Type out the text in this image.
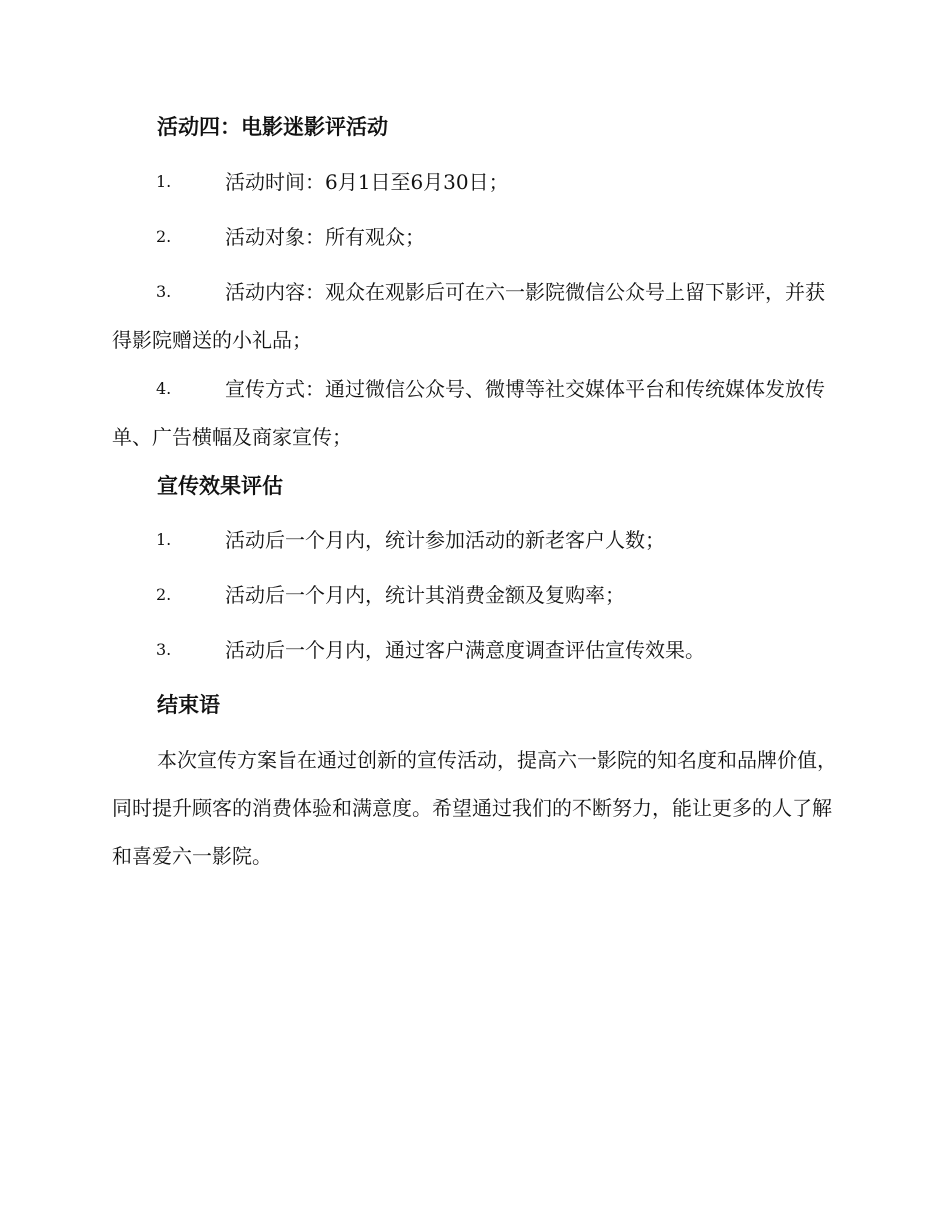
活动四：电影迷影评活动
1.	活动时间：6月1日至6月30日；
2.	活动对象：所有观众；
3.	活动内容：观众在观影后可在六一影院微信公众号上留下影评，并获得影院赠送的小礼品；
4.	宣传方式：通过微信公众号、微博等社交媒体平台和传统媒体发放传单、广告横幅及商家宣传；
宣传效果评估
1.	活动后一个月内，统计参加活动的新老客户人数；
2.	活动后一个月内，统计其消费金额及复购率；
3.	活动后一个月内，通过客户满意度调查评估宣传效果。
结束语
本次宣传方案旨在通过创新的宣传活动，提高六一影院的知名度和品牌价值，同时提升顾客的消费体验和满意度。希望通过我们的不断努力，能让更多的人了解和喜爱六一影院。
